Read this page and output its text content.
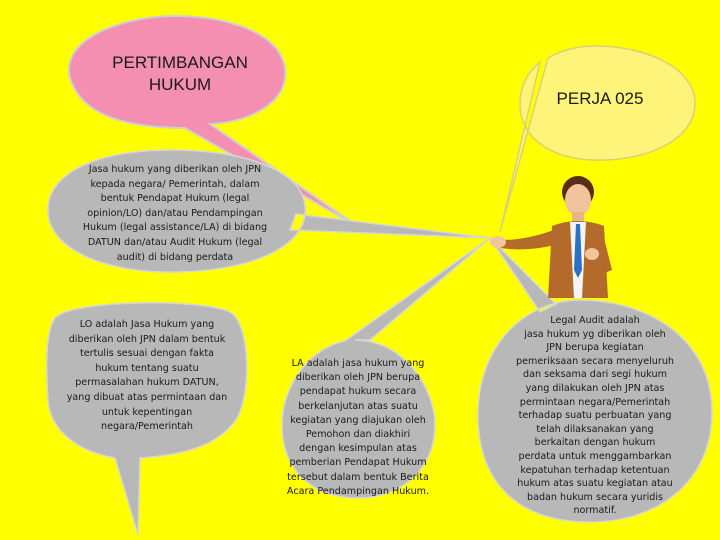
PERTIMBANGAN
HUKUM
PERJA 025
Jasa hukum yang diberikan oleh JPN
kepada negara/ Pemerintah, dalam
bentuk Pendapat Hukum (legal
opinion/LO) dan/atau Pendampingan
Hukum (legal assistance/LA) di bidang
DATUN dan/atau Audit Hukum (legal
audit) di bidang perdata
LO adalah Jasa Hukum yang
diberikan oleh JPN dalam bentuk
tertulis sesuai dengan fakta
hukum tentang suatu
permasalahan hukum DATUN,
yang dibuat atas permintaan dan
untuk kepentingan
negara/Pemerintah
LA adalah jasa hukum yang
diberikan oleh JPN berupa
pendapat hukum secara
berkelanjutan atas suatu
kegiatan yang diajukan oleh
Pemohon dan diakhiri
dengan kesimpulan atas
pemberian Pendapat Hukum
tersebut dalam bentuk Berita
Acara Pendampingan Hukum.
Legal Audit adalah
jasa hukum yg diberikan oleh
JPN berupa kegiatan
pemeriksaan secara menyeluruh
dan seksama dari segi hukum
yang dilakukan oleh JPN atas
permintaan negara/Pemerintah
terhadap suatu perbuatan yang
telah dilaksanakan yang
berkaitan dengan hukum
perdata untuk menggambarkan
kepatuhan terhadap ketentuan
hukum atas suatu kegiatan atau
badan hukum secara yuridis
normatif.
